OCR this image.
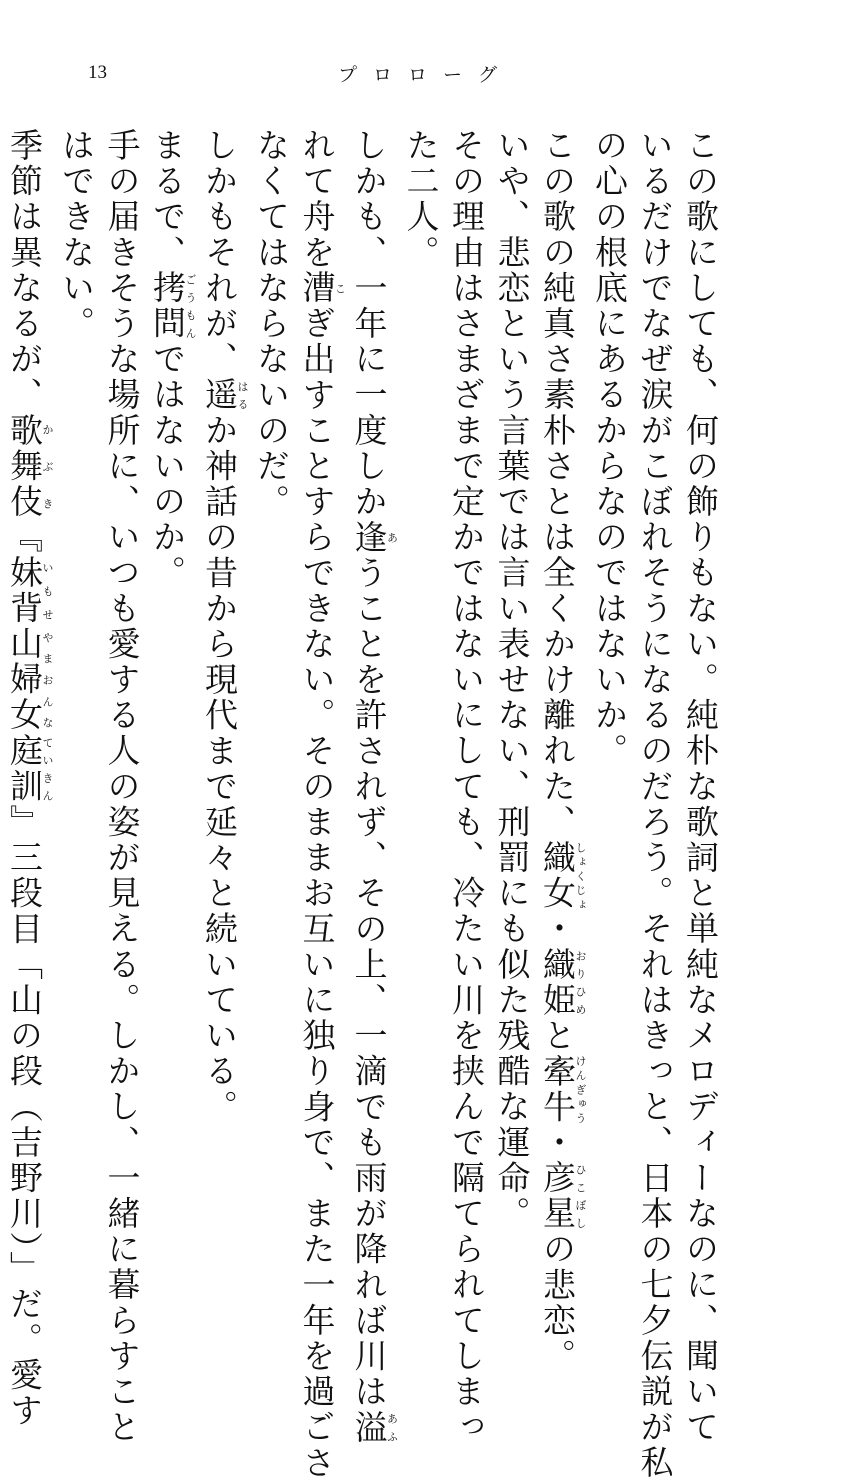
13	プロローグ

この歌にしても、何の飾りもない。純朴な歌詞と単純なメロディーなのに、聞いて

いるだけでなぜ涙がこぼれそうになるのだろう。それはきっと、日本の七夕伝説が私

の心の根底にあるからなのではないか。

この歌の純真さ素朴さとは全くかけ離れた、織女しょくじょ・織姫おりひめと牽牛けんぎゅう・彦星ひこぼしの悲恋。

いや、悲恋という言葉では言い表せない、刑罰にも似た残酷な運命。

その理由はさまざまで定かではないにしても、冷たい川を挟んで隔てられてしまっ

た二人。

しかも、一年に一度しか逢あうことを許されず、その上、一滴でも雨が降れば川は溢あふ

れて舟を漕こぎ出すことすらできない。そのままお互いに独り身で、また一年を過ごさ

なくてはならないのだ。

しかもそれが、遥はるか神話の昔から現代まで延々と続いている。

まるで、拷問ごうもんではないのか。

手の届きそうな場所に、いつも愛する人の姿が見える。しかし、一緒に暮らすこと

はできない。

季節は異なるが、歌舞伎かぶき『妹背いもせ山婦女やまおんな庭訓ていきん』三段目「山の段（吉野川）」だ。愛す
